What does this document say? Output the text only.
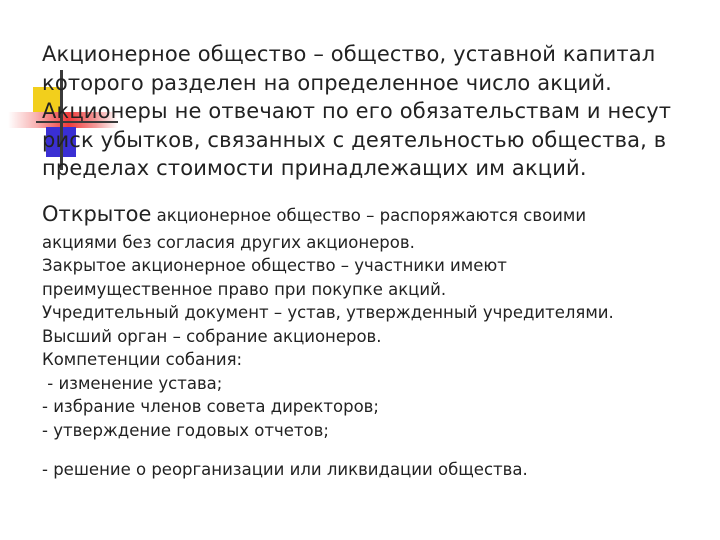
Акционерное общество – общество, уставной капитал
которого разделен на определенное число акций.
Акционеры не отвечают по его обязательствам и несут
риск убытков, связанных с деятельностью общества, в
пределах стоимости принадлежащих им акций.

Открытое акционерное общество – распоряжаются своими

акциями без согласия других акционеров.
Закрытое акционерное общество – участники имеют
преимущественное право при покупке акций.
Учредительный документ – устав, утвержденный учредителями.
Высший орган – собрание акционеров.
Компетенции собания:
- изменение устава;
- избрание членов совета директоров;
- утверждение годовых отчетов;

- решение о реорганизации или ликвидации общества.
